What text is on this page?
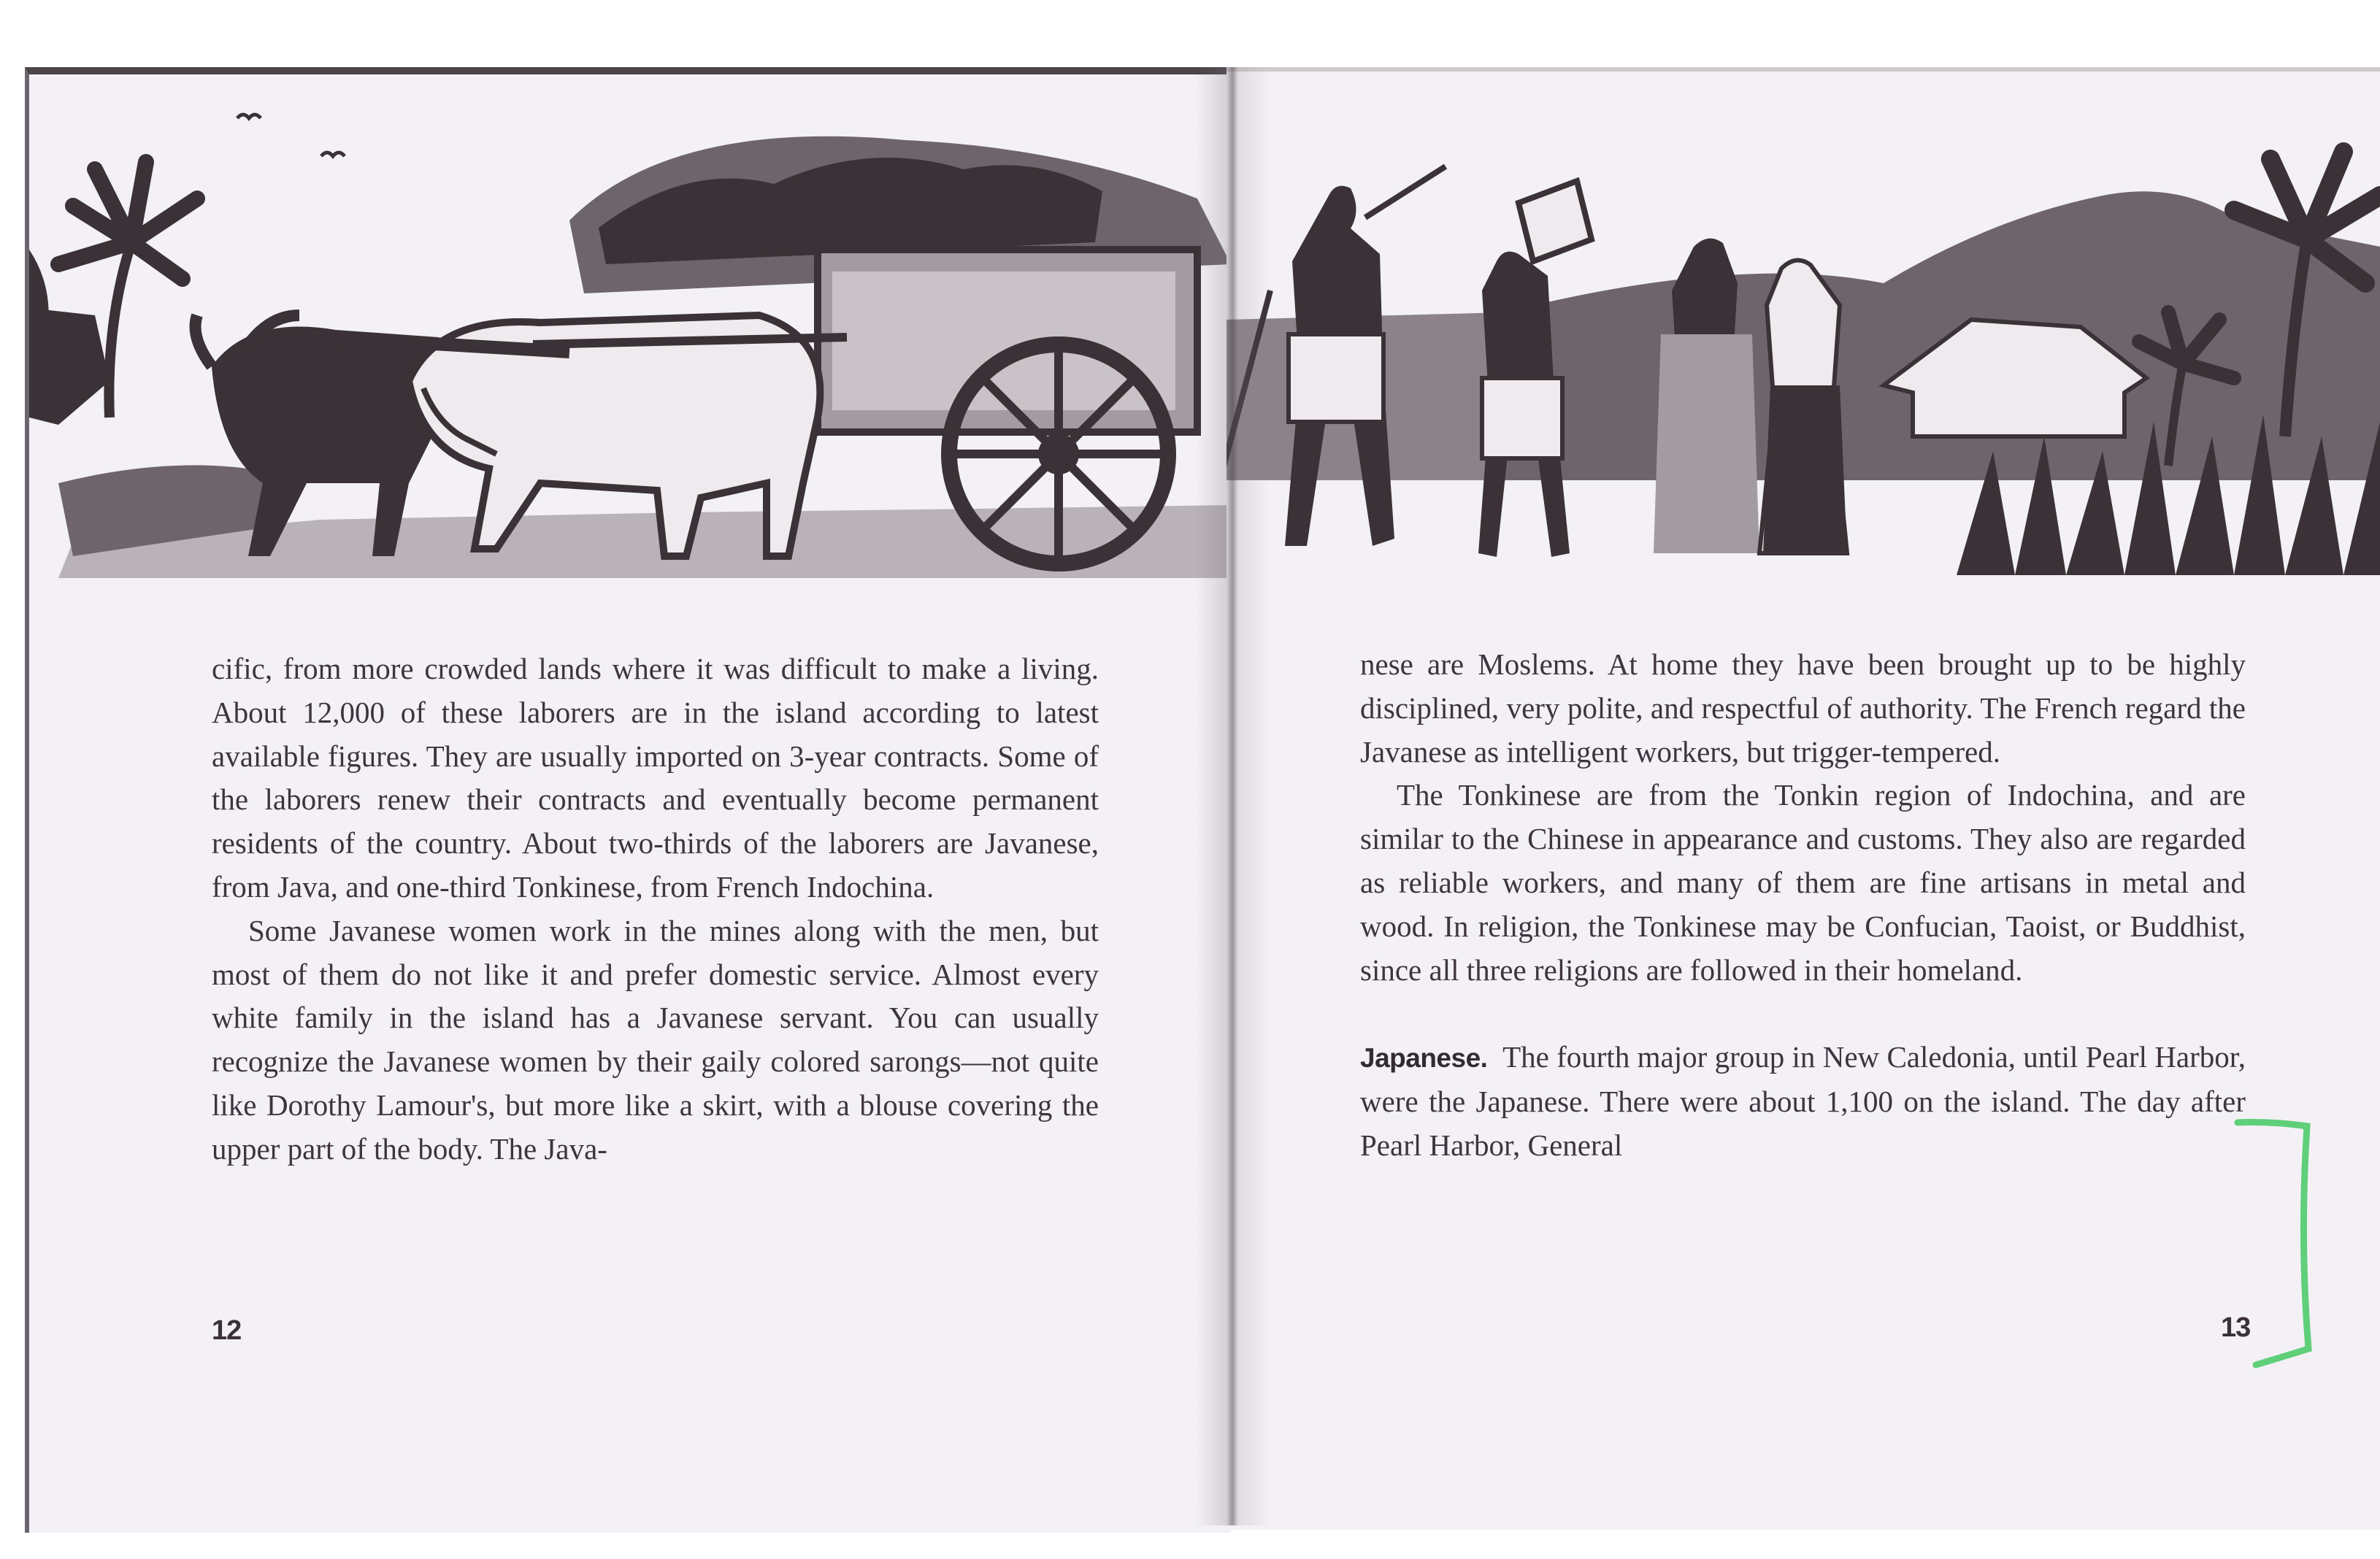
cific, from more crowded lands where it was difficult to make a living. About 12,000 of these laborers are in the island according to latest available figures. They are usually imported on 3-year contracts. Some of the laborers renew their contracts and eventually become permanent residents of the country. About two-thirds of the laborers are Javanese, from Java, and one-third Tonkinese, from French Indochina.

Some Javanese women work in the mines along with the men, but most of them do not like it and prefer domestic service. Almost every white family in the island has a Javanese servant. You can usually recognize the Javanese women by their gaily colored sarongs—not quite like Dorothy Lamour's, but more like a skirt, with a blouse covering the upper part of the body. The Java-

12

nese are Moslems. At home they have been brought up to be highly disciplined, very polite, and respectful of authority. The French regard the Javanese as intelligent workers, but trigger-tempered.

The Tonkinese are from the Tonkin region of Indochina, and are similar to the Chinese in appearance and customs. They also are regarded as reliable workers, and many of them are fine artisans in metal and wood. In religion, the Tonkinese may be Confucian, Taoist, or Buddhist, since all three religions are followed in their homeland.

Japanese. The fourth major group in New Caledonia, until Pearl Harbor, were the Japanese. There were about 1,100 on the island. The day after Pearl Harbor, General

13
